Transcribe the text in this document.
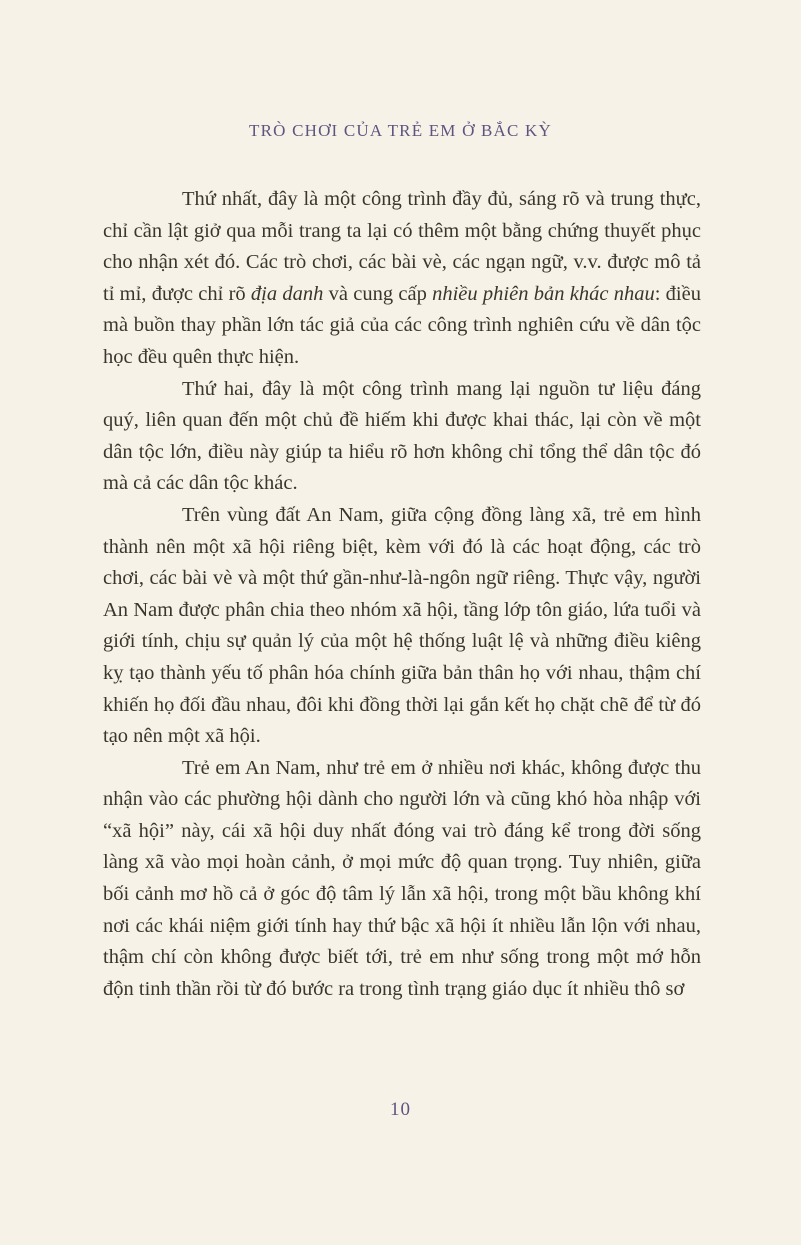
TRÒ CHƠI CỦA TRẺ EM Ở BẮC KỲ

Thứ nhất, đây là một công trình đầy đủ, sáng rõ và trung thực, chỉ cần lật giở qua mỗi trang ta lại có thêm một bằng chứng thuyết phục cho nhận xét đó. Các trò chơi, các bài vè, các ngạn ngữ, v.v. được mô tả tỉ mỉ, được chỉ rõ địa danh và cung cấp nhiều phiên bản khác nhau: điều mà buồn thay phần lớn tác giả của các công trình nghiên cứu về dân tộc học đều quên thực hiện.

Thứ hai, đây là một công trình mang lại nguồn tư liệu đáng quý, liên quan đến một chủ đề hiếm khi được khai thác, lại còn về một dân tộc lớn, điều này giúp ta hiểu rõ hơn không chỉ tổng thể dân tộc đó mà cả các dân tộc khác.

Trên vùng đất An Nam, giữa cộng đồng làng xã, trẻ em hình thành nên một xã hội riêng biệt, kèm với đó là các hoạt động, các trò chơi, các bài vè và một thứ gần-như-là-ngôn ngữ riêng. Thực vậy, người An Nam được phân chia theo nhóm xã hội, tầng lớp tôn giáo, lứa tuổi và giới tính, chịu sự quản lý của một hệ thống luật lệ và những điều kiêng kỵ tạo thành yếu tố phân hóa chính giữa bản thân họ với nhau, thậm chí khiến họ đối đầu nhau, đôi khi đồng thời lại gắn kết họ chặt chẽ để từ đó tạo nên một xã hội.

Trẻ em An Nam, như trẻ em ở nhiều nơi khác, không được thu nhận vào các phường hội dành cho người lớn và cũng khó hòa nhập với “xã hội” này, cái xã hội duy nhất đóng vai trò đáng kể trong đời sống làng xã vào mọi hoàn cảnh, ở mọi mức độ quan trọng. Tuy nhiên, giữa bối cảnh mơ hồ cả ở góc độ tâm lý lẫn xã hội, trong một bầu không khí nơi các khái niệm giới tính hay thứ bậc xã hội ít nhiều lẫn lộn với nhau, thậm chí còn không được biết tới, trẻ em như sống trong một mớ hỗn độn tinh thần rồi từ đó bước ra trong tình trạng giáo dục ít nhiều thô sơ

10
